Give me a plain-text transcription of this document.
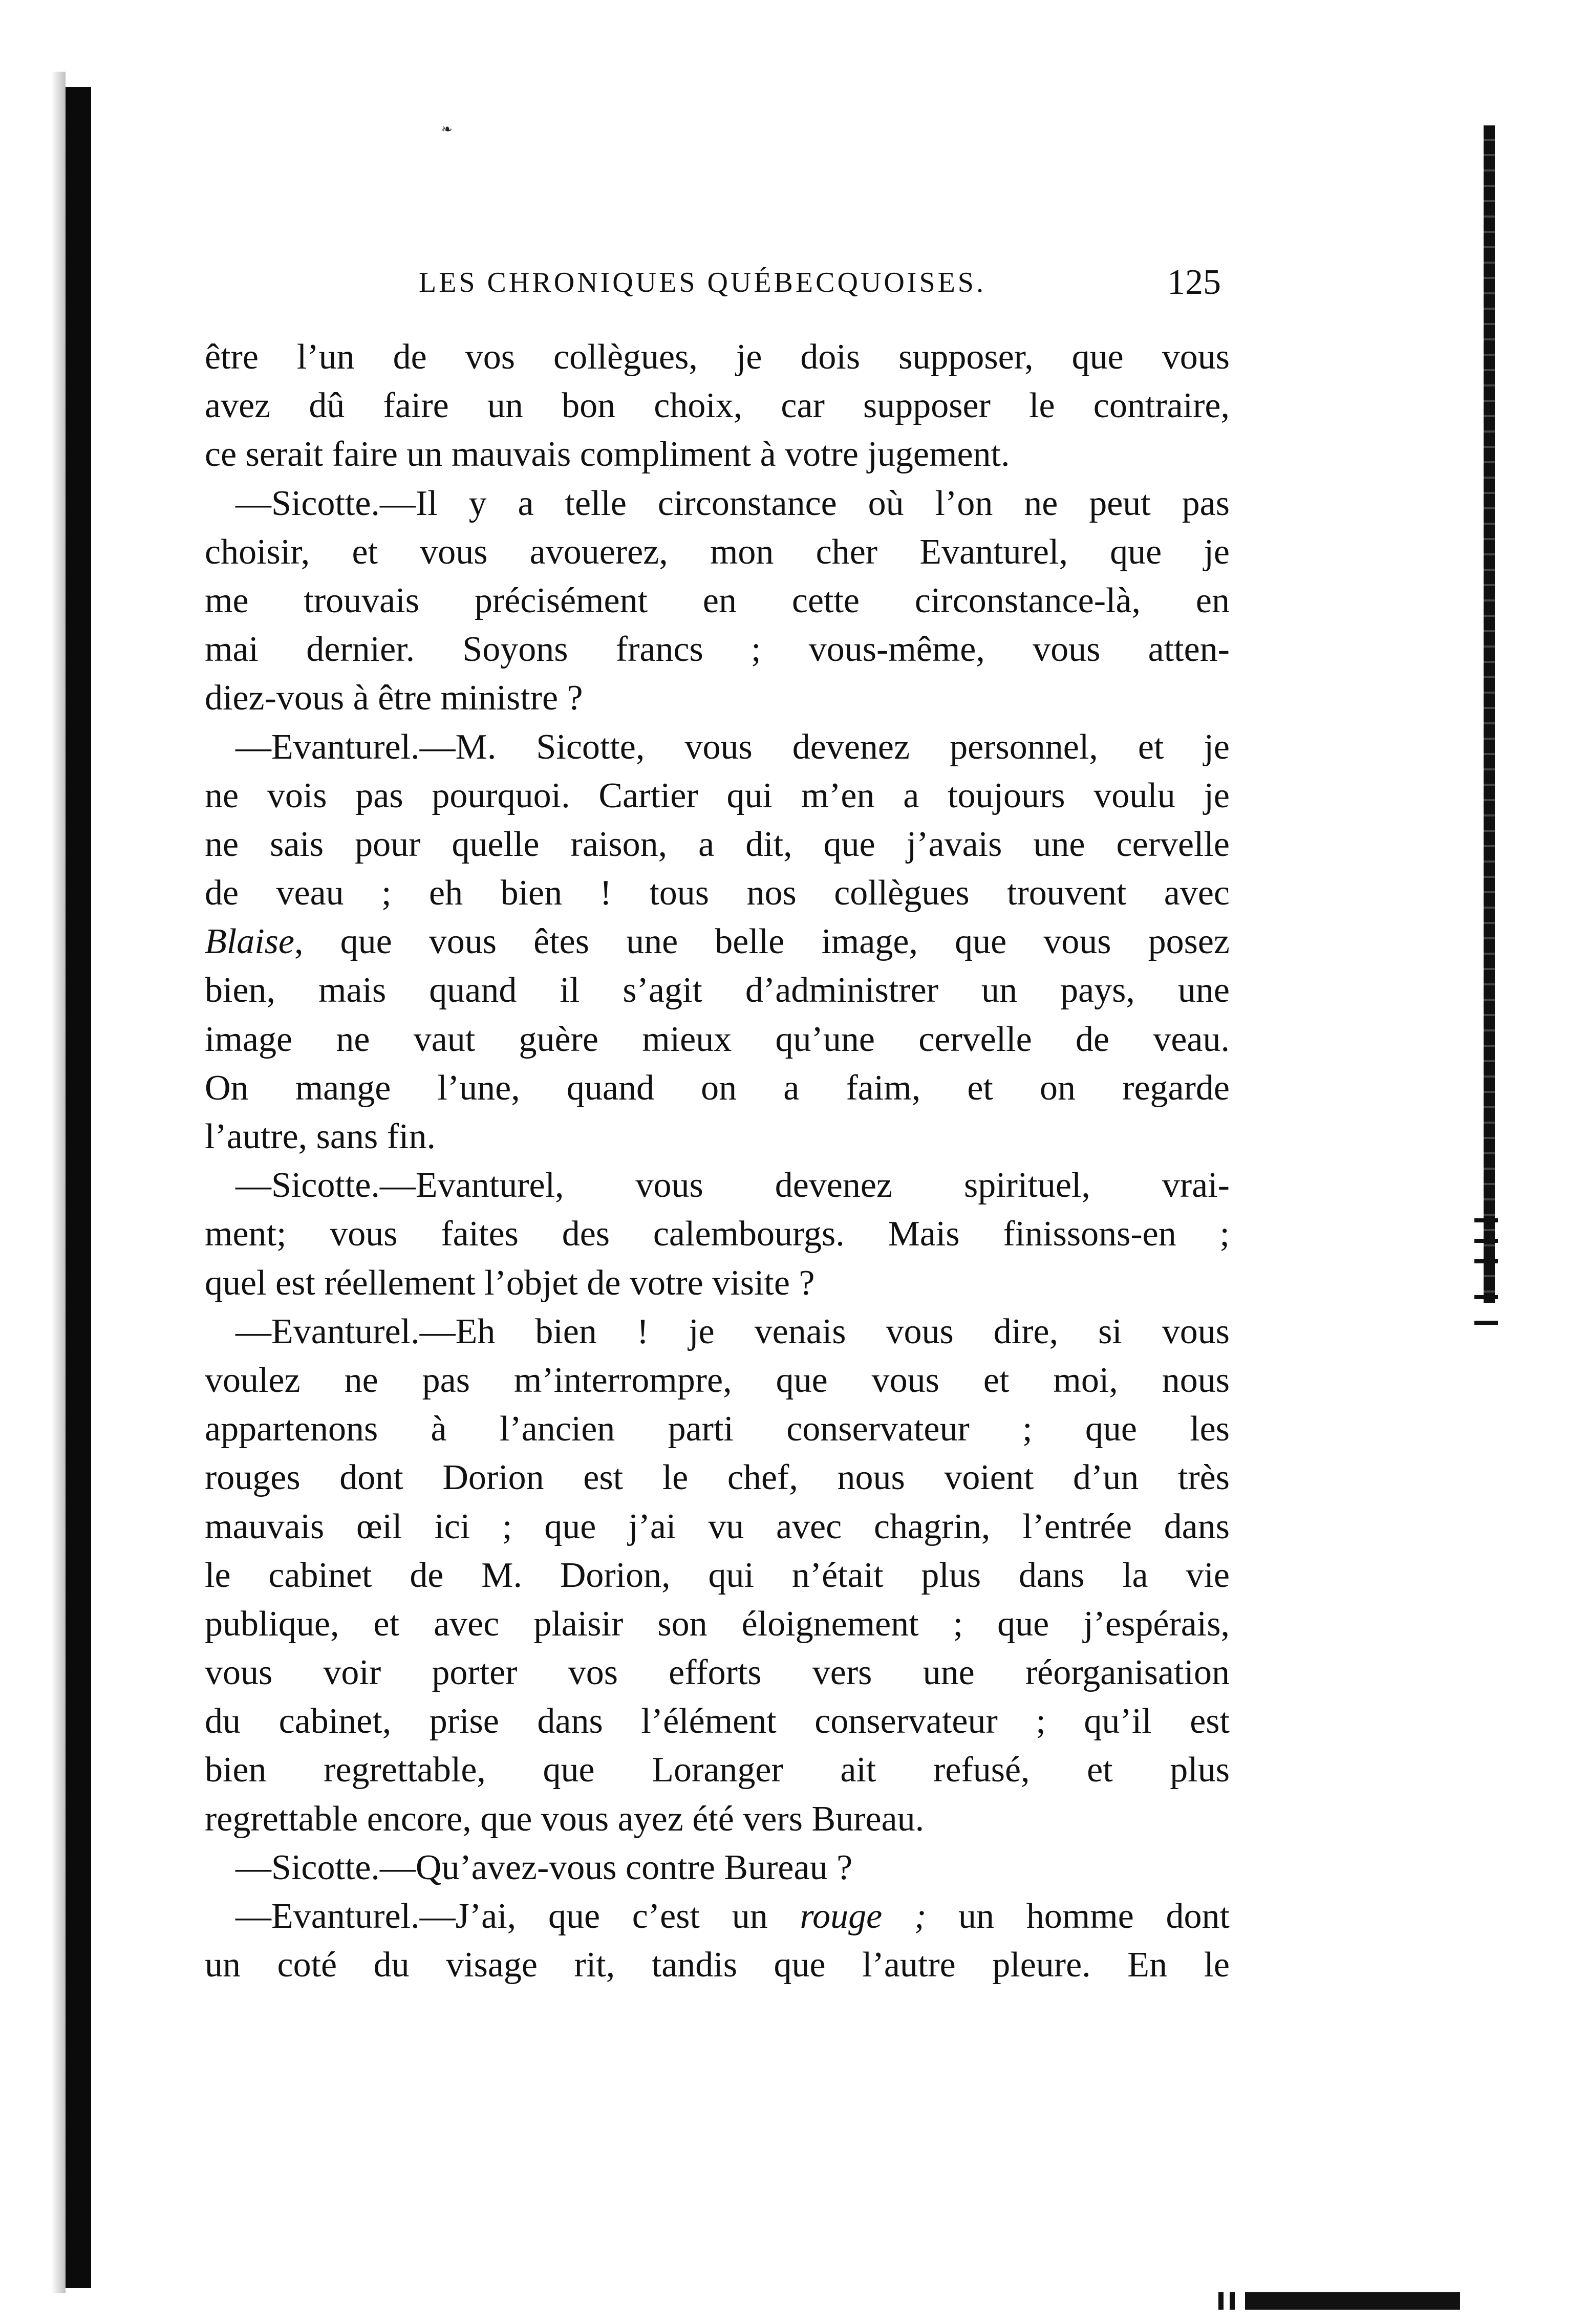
❧
LES CHRONIQUES QUÉBECQUOISES.	125
être l’un de vos collègues, je dois supposer, que vous
avez dû faire un bon choix, car supposer le contraire,
ce serait faire un mauvais compliment à votre jugement.
—Sicotte.—Il y a telle circonstance où l’on ne peut pas
choisir, et vous avouerez, mon cher Evanturel, que je
me trouvais précisément en cette circonstance-là, en
mai dernier. Soyons francs ; vous-même, vous atten-
diez-vous à être ministre ?
—Evanturel.—M. Sicotte, vous devenez personnel, et je
ne vois pas pourquoi. Cartier qui m’en a toujours voulu je
ne sais pour quelle raison, a dit, que j’avais une cervelle
de veau ; eh bien ! tous nos collègues trouvent avec
Blaise, que vous êtes une belle image, que vous posez
bien, mais quand il s’agit d’administrer un pays, une
image ne vaut guère mieux qu’une cervelle de veau.
On mange l’une, quand on a faim, et on regarde
l’autre, sans fin.
—Sicotte.—Evanturel, vous devenez spirituel, vrai-
ment; vous faites des calembourgs. Mais finissons-en ;
quel est réellement l’objet de votre visite ?
—Evanturel.—Eh bien ! je venais vous dire, si vous
voulez ne pas m’interrompre, que vous et moi, nous
appartenons à l’ancien parti conservateur ; que les
rouges dont Dorion est le chef, nous voient d’un très
mauvais œil ici ; que j’ai vu avec chagrin, l’entrée dans
le cabinet de M. Dorion, qui n’était plus dans la vie
publique, et avec plaisir son éloignement ; que j’espérais,
vous voir porter vos efforts vers une réorganisation
du cabinet, prise dans l’élément conservateur ; qu’il est
bien regrettable, que Loranger ait refusé, et plus
regrettable encore, que vous ayez été vers Bureau.
—Sicotte.—Qu’avez-vous contre Bureau ?
—Evanturel.—J’ai, que c’est un rouge ; un homme dont
un coté du visage rit, tandis que l’autre pleure. En le
